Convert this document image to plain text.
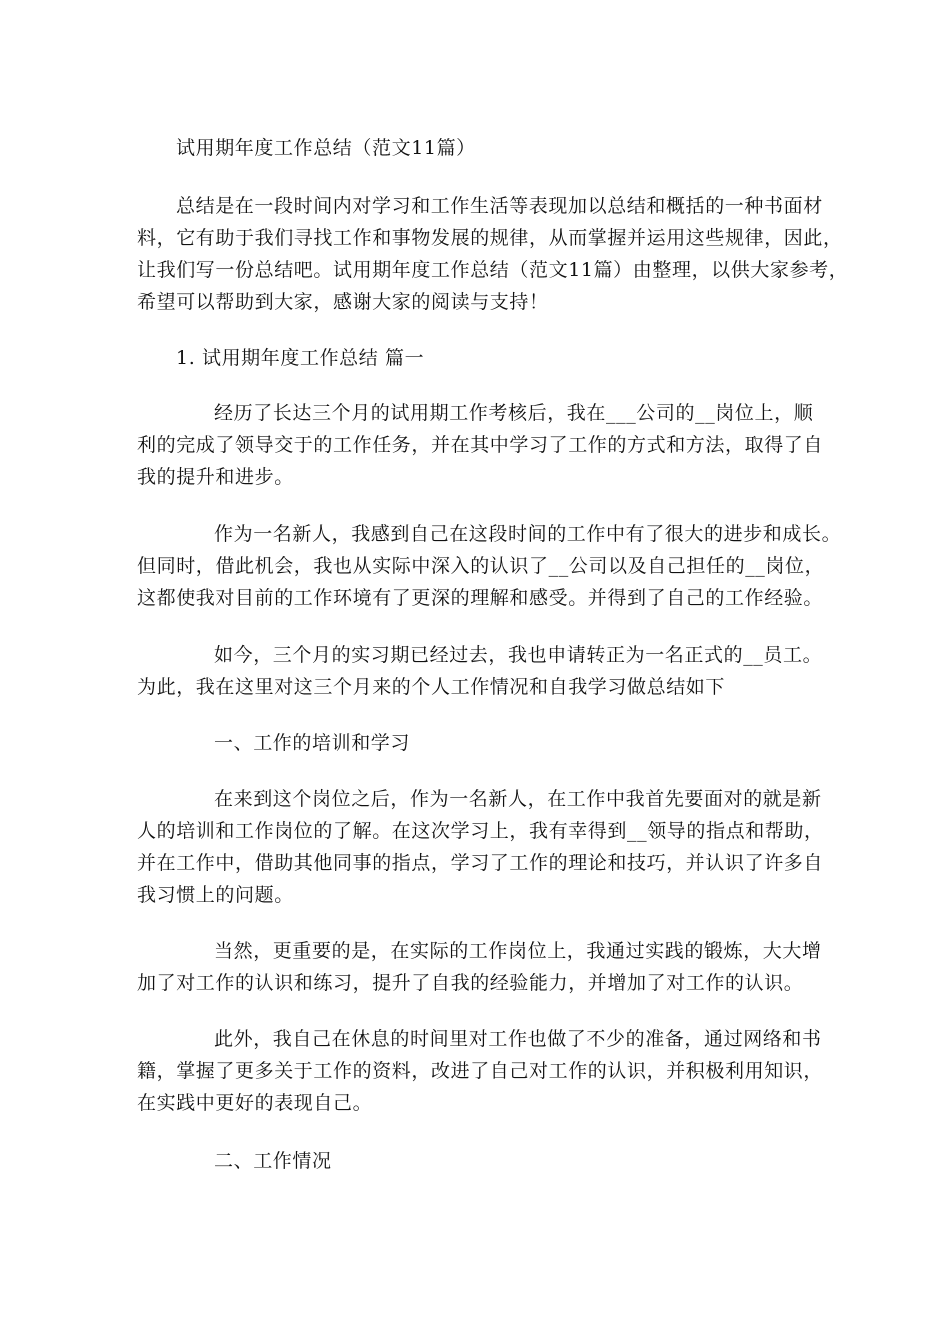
试用期年度工作总结（范文11篇）
总结是在一段时间内对学习和工作生活等表现加以总结和概括的一种书面材
料，它有助于我们寻找工作和事物发展的规律，从而掌握并运用这些规律，因此，
让我们写一份总结吧。试用期年度工作总结（范文11篇）由整理，以供大家参考，
希望可以帮助到大家，感谢大家的阅读与支持！
1. 试用期年度工作总结 篇一
经历了长达三个月的试用期工作考核后，我在___公司的__岗位上，顺
利的完成了领导交于的工作任务，并在其中学习了工作的方式和方法，取得了自
我的提升和进步。
作为一名新人，我感到自己在这段时间的工作中有了很大的进步和成长。
但同时，借此机会，我也从实际中深入的认识了__公司以及自己担任的__岗位，
这都使我对目前的工作环境有了更深的理解和感受。并得到了自己的工作经验。
如今，三个月的实习期已经过去，我也申请转正为一名正式的__员工。
为此，我在这里对这三个月来的个人工作情况和自我学习做总结如下
一、工作的培训和学习
在来到这个岗位之后，作为一名新人，在工作中我首先要面对的就是新
人的培训和工作岗位的了解。在这次学习上，我有幸得到__领导的指点和帮助，
并在工作中，借助其他同事的指点，学习了工作的理论和技巧，并认识了许多自
我习惯上的问题。
当然，更重要的是，在实际的工作岗位上，我通过实践的锻炼，大大增
加了对工作的认识和练习，提升了自我的经验能力，并增加了对工作的认识。
此外，我自己在休息的时间里对工作也做了不少的准备，通过网络和书
籍，掌握了更多关于工作的资料，改进了自己对工作的认识，并积极利用知识，
在实践中更好的表现自己。
二、工作情况
